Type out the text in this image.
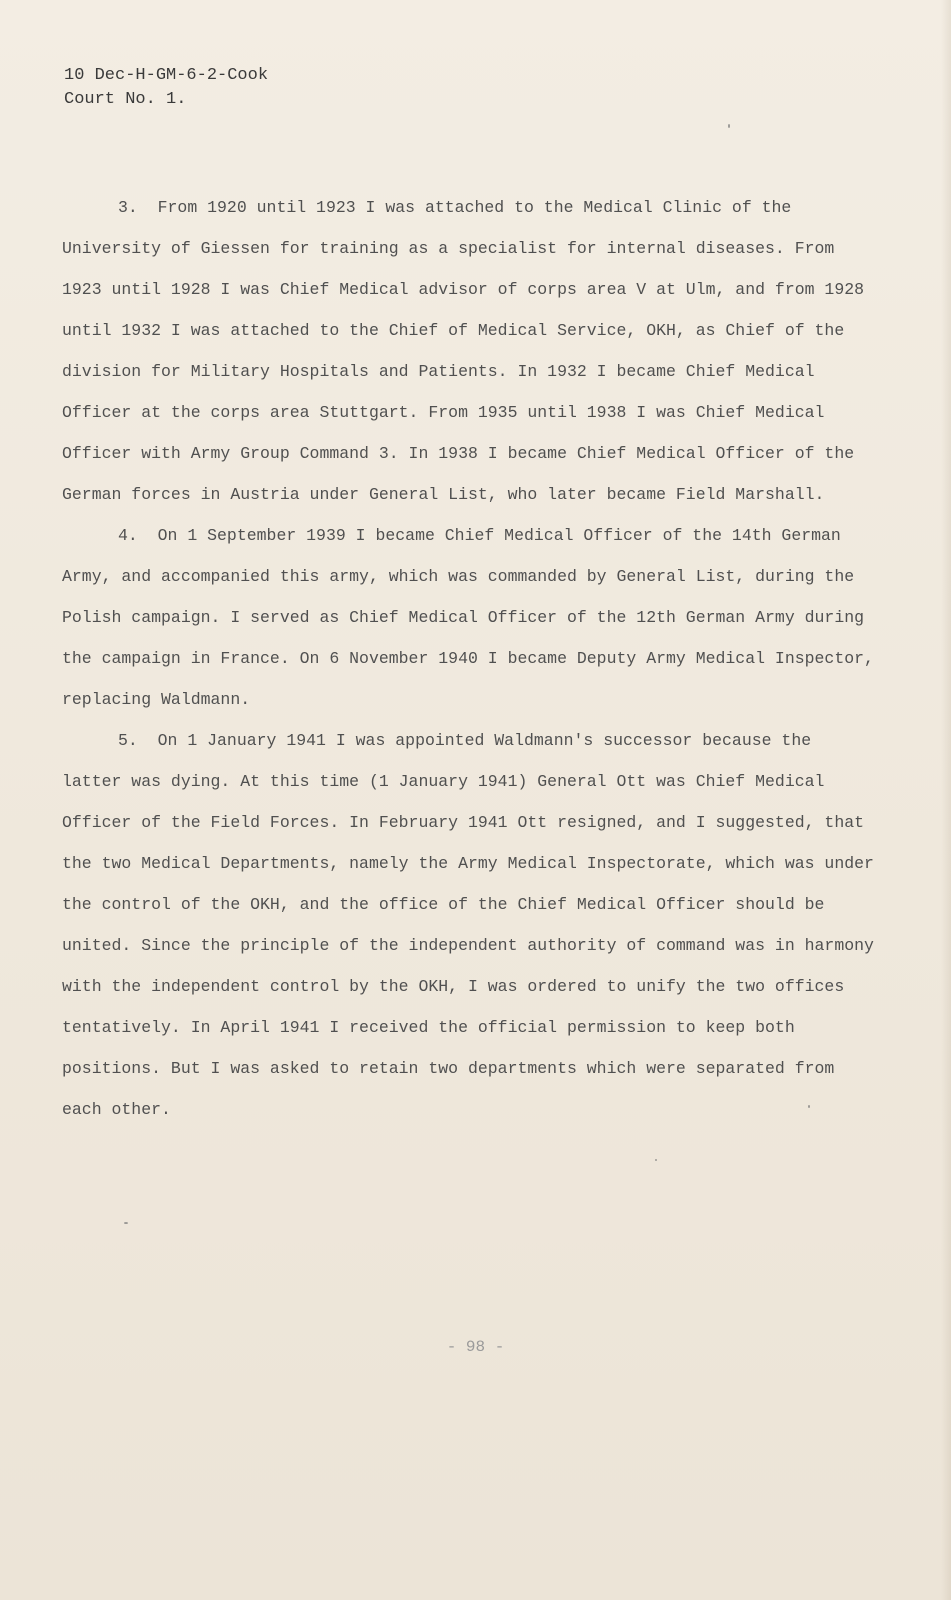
10 Dec-H-GM-6-2-Cook
Court No. 1.

3. From 1920 until 1923 I was attached to the Medical Clinic of the University of Giessen for training as a specialist for internal diseases. From 1923 until 1928 I was Chief Medical advisor of corps area V at Ulm, and from 1928 until 1932 I was attached to the Chief of Medical Service, OKH, as Chief of the division for Military Hospitals and Patients. In 1932 I became Chief Medical Officer at the corps area Stuttgart. From 1935 until 1938 I was Chief Medical Officer with Army Group Command 3. In 1938 I became Chief Medical Officer of the German forces in Austria under General List, who later became Field Marshall.

4. On 1 September 1939 I became Chief Medical Officer of the 14th German Army, and accompanied this army, which was commanded by General List, during the Polish campaign. I served as Chief Medical Officer of the 12th German Army during the campaign in France. On 6 November 1940 I became Deputy Army Medical Inspector, replacing Waldmann.

5. On 1 January 1941 I was appointed Waldmann's successor because the latter was dying. At this time (1 January 1941) General Ott was Chief Medical Officer of the Field Forces. In February 1941 Ott resigned, and I suggested, that the two Medical Departments, namely the Army Medical Inspectorate, which was under the control of the OKH, and the office of the Chief Medical Officer should be united. Since the principle of the independent authority of command was in harmony with the independent control by the OKH, I was ordered to unify the two offices tentatively. In April 1941 I received the official permission to keep both positions. But I was asked to retain two departments which were separated from each other.

- 98 -
